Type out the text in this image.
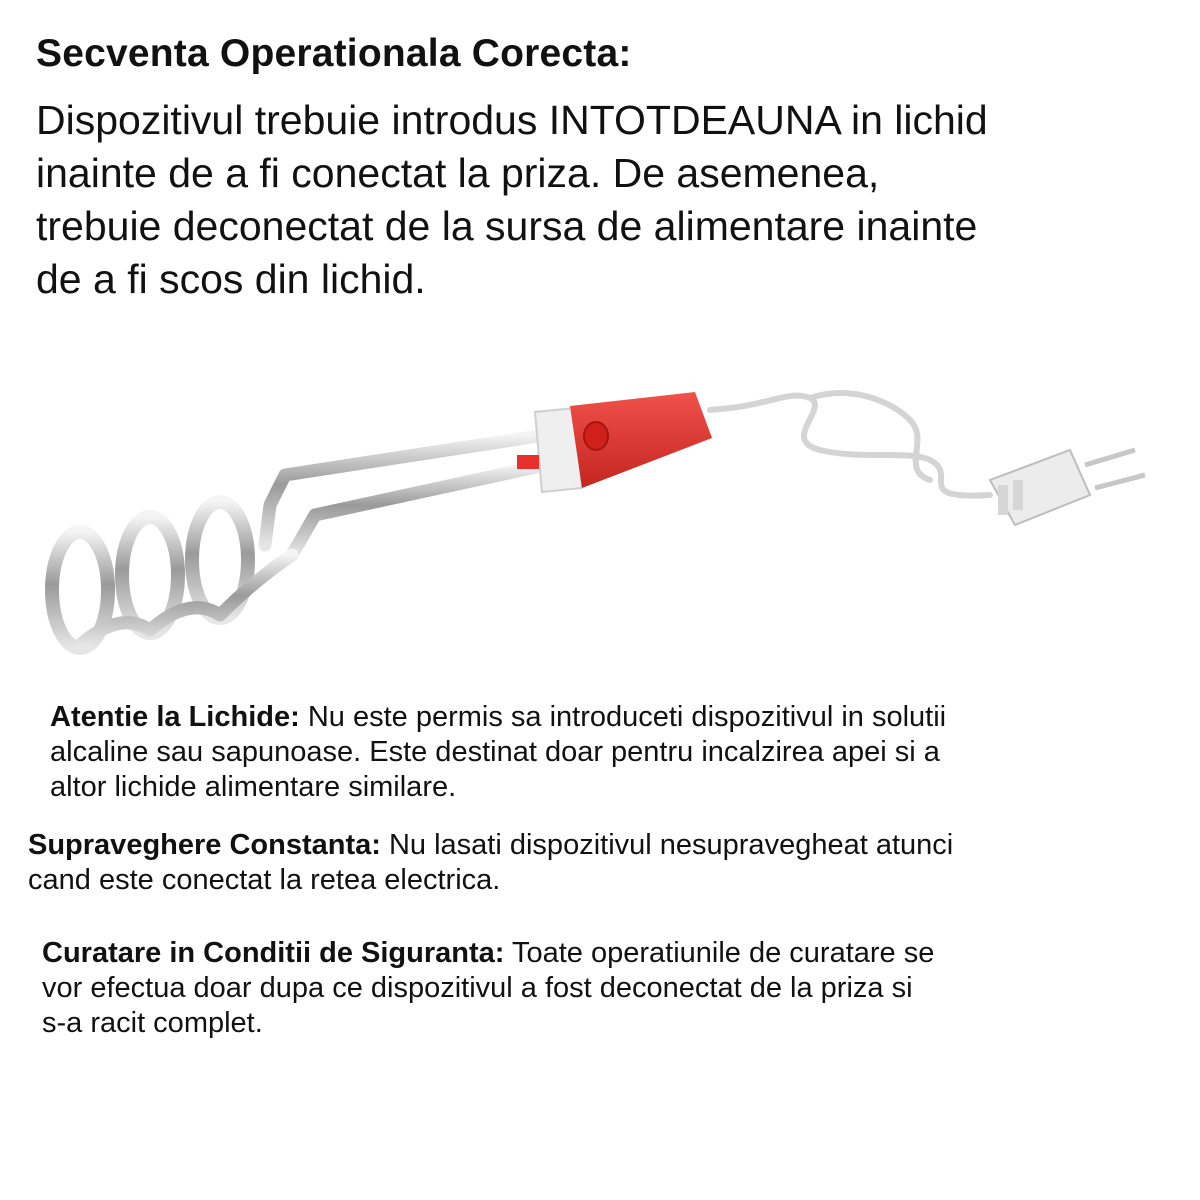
Secventa Operationala Corecta:

Dispozitivul trebuie introdus INTOTDEAUNA in lichid
inainte de a fi conectat la priza. De asemenea,
trebuie deconectat de la sursa de alimentare inainte
de a fi scos din lichid.

Atentie la Lichide: Nu este permis sa introduceti dispozitivul in solutii
alcaline sau sapunoase. Este destinat doar pentru incalzirea apei si a
altor lichide alimentare similare.

Supraveghere Constanta: Nu lasati dispozitivul nesupravegheat atunci
cand este conectat la retea electrica.

Curatare in Conditii de Siguranta: Toate operatiunile de curatare se
vor efectua doar dupa ce dispozitivul a fost deconectat de la priza si
s-a racit complet.
